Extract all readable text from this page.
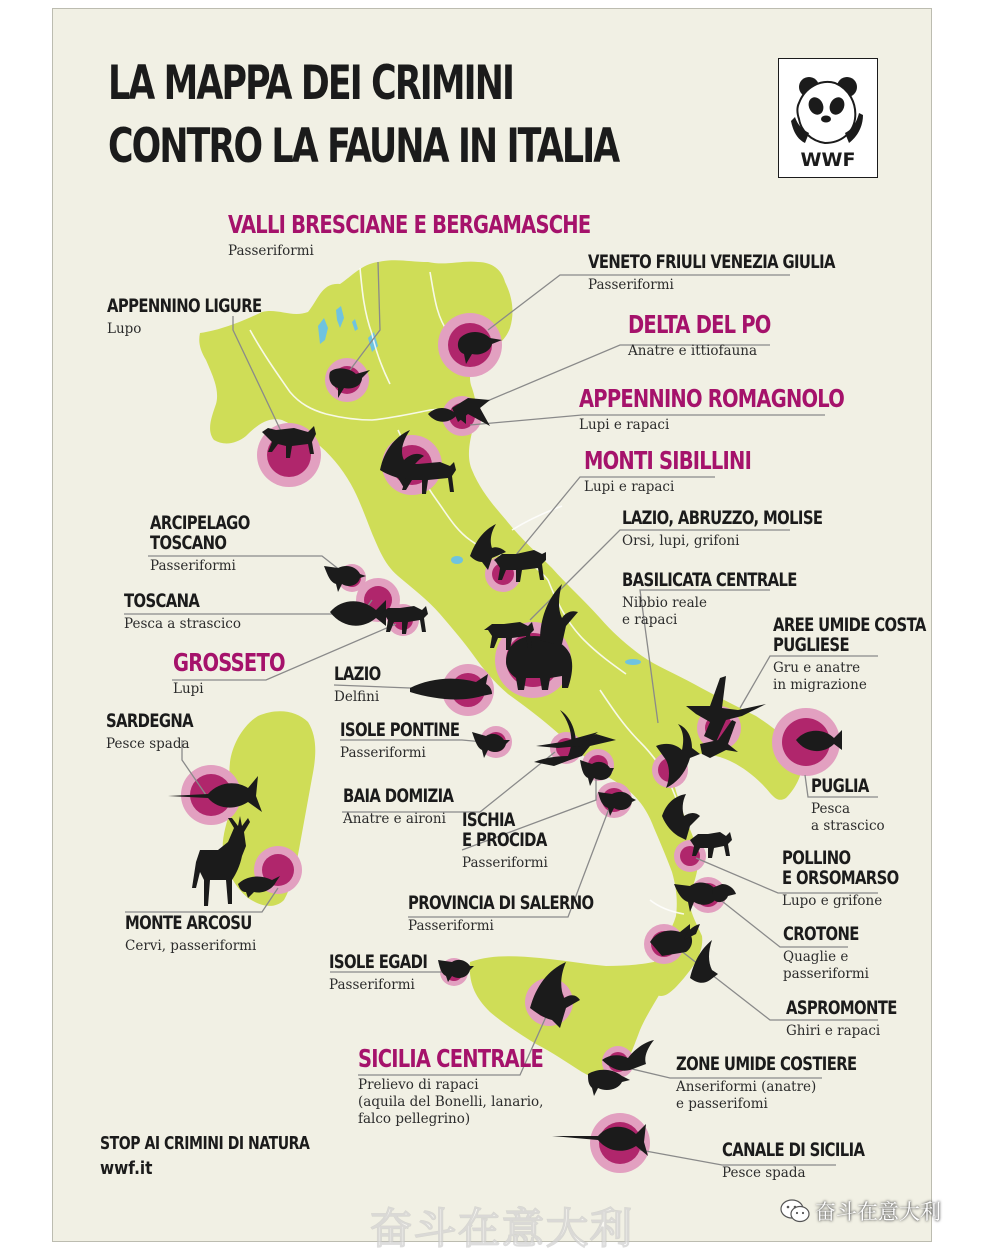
LA MAPPA DEI CRIMINI
CONTRO LA FAUNA IN ITALIA	WWF
VALLI BRESCIANE E BERGAMASCHE
Passeriformi	VENETO FRIULI VENEZIA GIULIA
Passeriformi
APPENNINO LIGURE
Lupo	DELTA DEL PO
Anatre e ittiofauna
APPENNINO ROMAGNOLO
Lupi e rapaci
MONTI SIBILLINI
Lupi e rapaci
ARCIPELAGO
TOSCANO
Passeriformi
LAZIO, ABRUZZO, MOLISE
Orsi, lupi, grifoni
BASILICATA CENTRALE
Nibbio reale
e rapaci
TOSCANA
Pesca a strascico	AREE UMIDE COSTA
PUGLIESE
Gru e anatre
in migrazione
GROSSETO
Lupi
LAZIO
Delfini
SARDEGNA
Pesce spada
ISOLE PONTINE
Passeriformi
PUGLIA
Pesca
a strascico
BAIA DOMIZIA
Anatre e aironi ISCHIA
E PROCIDA
Passeriformi	POLLINO
E ORSOMARSO
Lupo e grifone
PROVINCIA DI SALERNO
Passeriformi
MONTE ARCOSU
Cervi, passeriformi
CROTONE
Quaglie e
passeriformi
ISOLE EGADI
Passeriformi
ASPROMONTE
Ghiri e rapaci
SICILIA CENTRALE
Prelievo di rapaci
(aquila del Bonelli, lanario,
falco pellegrino)
ZONE UMIDE COSTIERE
Anseriformi (anatre)
e passerifomi
CANALE DI SICILIA
Pesce spada
STOP AI CRIMINI DI NATURA
wwf.it
奋斗在意大利	奋斗在意大利
